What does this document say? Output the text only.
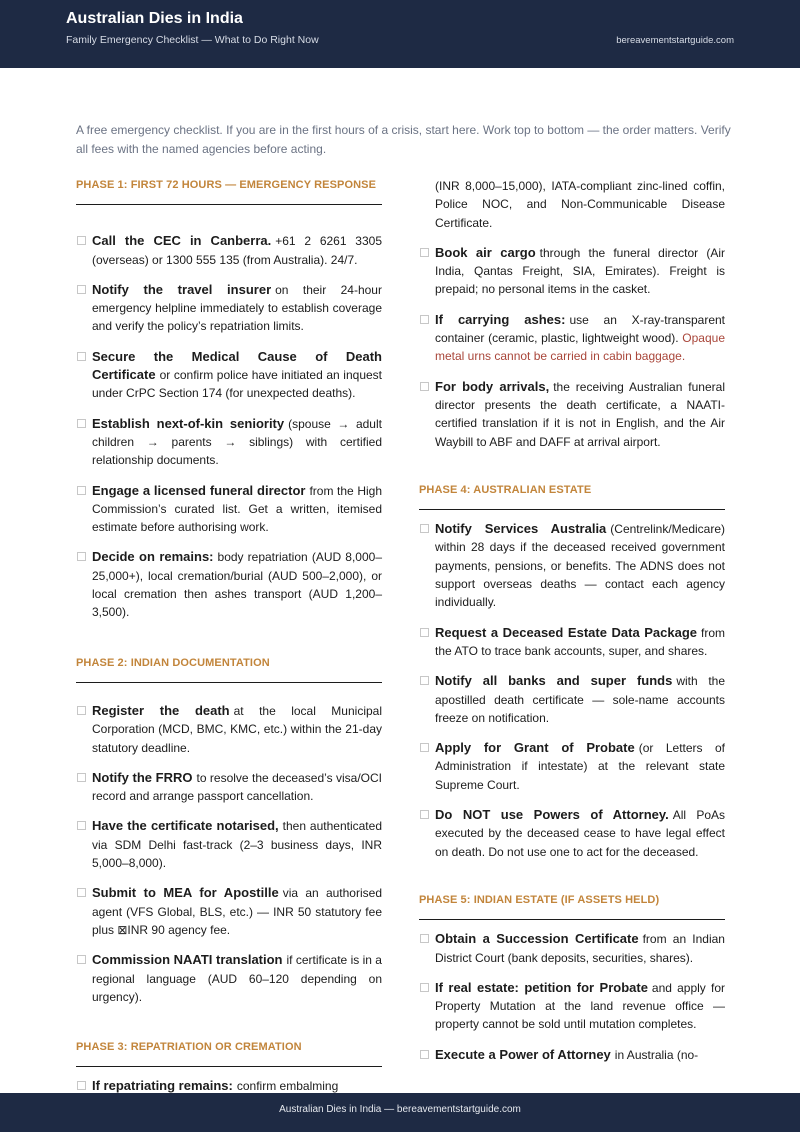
Australian Dies in India
Family Emergency Checklist — What to Do Right Now	bereavementstartguide.com
A free emergency checklist. If you are in the first hours of a crisis, start here. Work top to bottom — the order matters. Verify all fees with the named agencies before acting.
PHASE 1: FIRST 72 HOURS — EMERGENCY RESPONSE
Call the CEC in Canberra. +61 2 6261 3305 (overseas) or 1300 555 135 (from Australia). 24/7.
Notify the travel insurer on their 24-hour emergency helpline immediately to establish coverage and verify the policy’s repatriation limits.
Secure the Medical Cause of Death Certificate or confirm police have initiated an inquest under CrPC Section 174 (for unexpected deaths).
Establish next-of-kin seniority (spouse → adult children → parents → siblings) with certified relationship documents.
Engage a licensed funeral director from the High Commission’s curated list. Get a written, itemised estimate before authorising work.
Decide on remains: body repatriation (AUD 8,000–25,000+), local cremation/burial (AUD 500–2,000), or local cremation then ashes transport (AUD 1,200–3,500).
PHASE 2: INDIAN DOCUMENTATION
Register the death at the local Municipal Corporation (MCD, BMC, KMC, etc.) within the 21-day statutory deadline.
Notify the FRRO to resolve the deceased’s visa/OCI record and arrange passport cancellation.
Have the certificate notarised, then authenticated via SDM Delhi fast-track (2–3 business days, INR 5,000–8,000).
Submit to MEA for Apostille via an authorised agent (VFS Global, BLS, etc.) — INR 50 statutory fee plus ⊠INR 90 agency fee.
Commission NAATI translation if certificate is in a regional language (AUD 60–120 depending on urgency).
PHASE 3: REPATRIATION OR CREMATION
If repatriating remains: confirm embalming
(INR 8,000–15,000), IATA-compliant zinc-lined coffin, Police NOC, and Non-Communicable Disease Certificate.
Book air cargo through the funeral director (Air India, Qantas Freight, SIA, Emirates). Freight is prepaid; no personal items in the casket.
If carrying ashes: use an X-ray-transparent container (ceramic, plastic, lightweight wood). Opaque metal urns cannot be carried in cabin baggage.
For body arrivals, the receiving Australian funeral director presents the death certificate, a NAATI-certified translation if it is not in English, and the Air Waybill to ABF and DAFF at arrival airport.
PHASE 4: AUSTRALIAN ESTATE
Notify Services Australia (Centrelink/Medicare) within 28 days if the deceased received government payments, pensions, or benefits. The ADNS does not support overseas deaths — contact each agency individually.
Request a Deceased Estate Data Package from the ATO to trace bank accounts, super, and shares.
Notify all banks and super funds with the apostilled death certificate — sole-name accounts freeze on notification.
Apply for Grant of Probate (or Letters of Administration if intestate) at the relevant state Supreme Court.
Do NOT use Powers of Attorney. All PoAs executed by the deceased cease to have legal effect on death. Do not use one to act for the deceased.
PHASE 5: INDIAN ESTATE (IF ASSETS HELD)
Obtain a Succession Certificate from an Indian District Court (bank deposits, securities, shares).
If real estate: petition for Probate and apply for Property Mutation at the land revenue office — property cannot be sold until mutation completes.
Execute a Power of Attorney in Australia (no-
Australian Dies in India — bereavementstartguide.com
